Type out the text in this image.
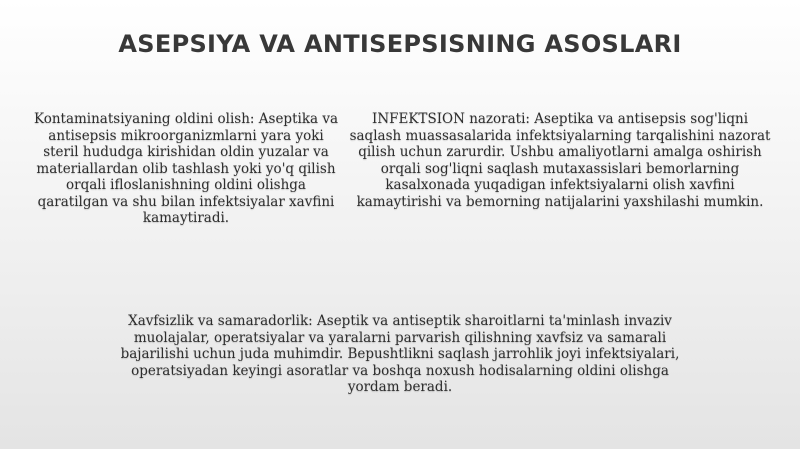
ASEPSIYA VA ANTISEPSISNING ASOSLARI
Kontaminatsiyaning oldini olish: Aseptika va antisepsis mikroorganizmlarni yara yoki steril hududga kirishidan oldin yuzalar va materiallardan olib tashlash yoki yo'q qilish orqali ifloslanishning oldini olishga qaratilgan va shu bilan infektsiyalar xavfini kamaytiradi.
INFEKTSION nazorati: Aseptika va antisepsis sog'liqni saqlash muassasalarida infektsiyalarning tarqalishini nazorat qilish uchun zarurdir. Ushbu amaliyotlarni amalga oshirish orqali sog'liqni saqlash mutaxassislari bemorlarning kasalxonada yuqadigan infektsiyalarni olish xavfini kamaytirishi va bemorning natijalarini yaxshilashi mumkin.
Xavfsizlik va samaradorlik: Aseptik va antiseptik sharoitlarni ta'minlash invaziv muolajalar, operatsiyalar va yaralarni parvarish qilishning xavfsiz va samarali bajarilishi uchun juda muhimdir. Bepushtlikni saqlash jarrohlik joyi infektsiyalari, operatsiyadan keyingi asoratlar va boshqa noxush hodisalarning oldini olishga yordam beradi.
